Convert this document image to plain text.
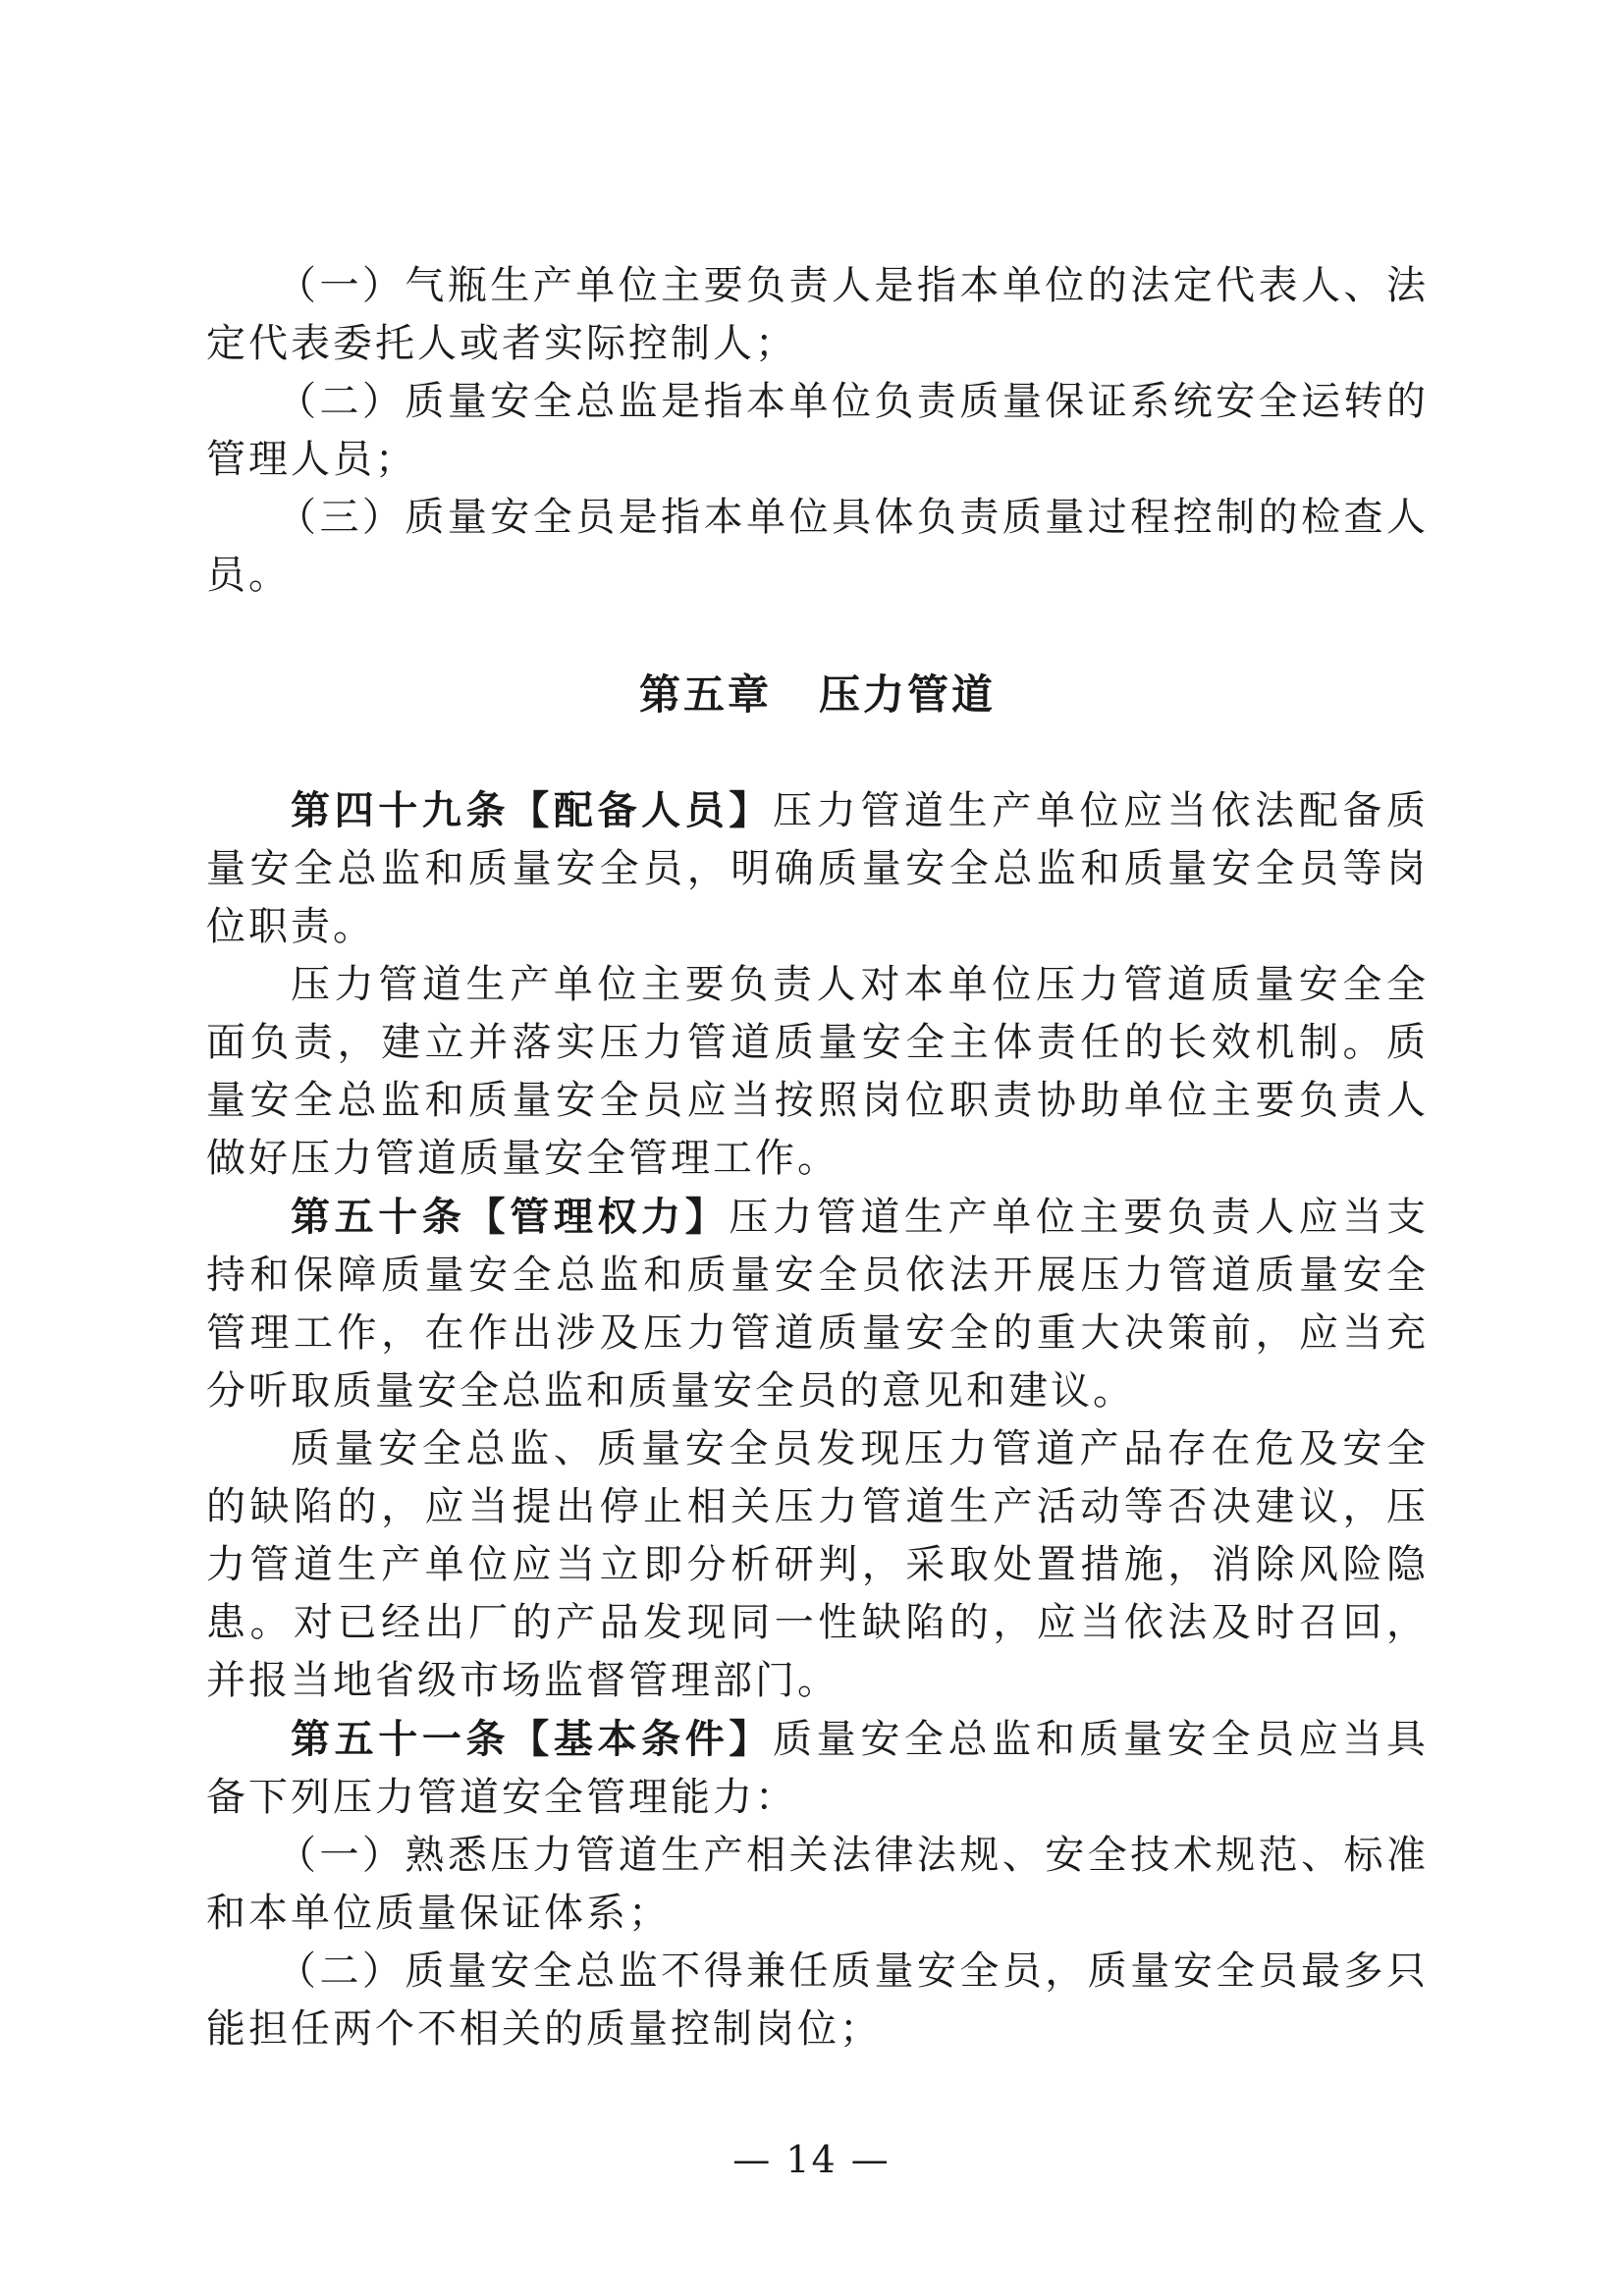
（一）气瓶生产单位主要负责人是指本单位的法定代表人、法定代表委托人或者实际控制人；

（二）质量安全总监是指本单位负责质量保证系统安全运转的管理人员；

（三）质量安全员是指本单位具体负责质量过程控制的检查人员。

第五章 压力管道

第四十九条【配备人员】压力管道生产单位应当依法配备质量安全总监和质量安全员，明确质量安全总监和质量安全员等岗位职责。

压力管道生产单位主要负责人对本单位压力管道质量安全全面负责，建立并落实压力管道质量安全主体责任的长效机制。质量安全总监和质量安全员应当按照岗位职责协助单位主要负责人做好压力管道质量安全管理工作。

第五十条【管理权力】压力管道生产单位主要负责人应当支持和保障质量安全总监和质量安全员依法开展压力管道质量安全管理工作，在作出涉及压力管道质量安全的重大决策前，应当充分听取质量安全总监和质量安全员的意见和建议。

质量安全总监、质量安全员发现压力管道产品存在危及安全的缺陷的，应当提出停止相关压力管道生产活动等否决建议，压力管道生产单位应当立即分析研判，采取处置措施，消除风险隐患。对已经出厂的产品发现同一性缺陷的，应当依法及时召回，并报当地省级市场监督管理部门。

第五十一条【基本条件】质量安全总监和质量安全员应当具备下列压力管道安全管理能力：

（一）熟悉压力管道生产相关法律法规、安全技术规范、标准和本单位质量保证体系；

（二）质量安全总监不得兼任质量安全员，质量安全员最多只能担任两个不相关的质量控制岗位；

— 14 —
